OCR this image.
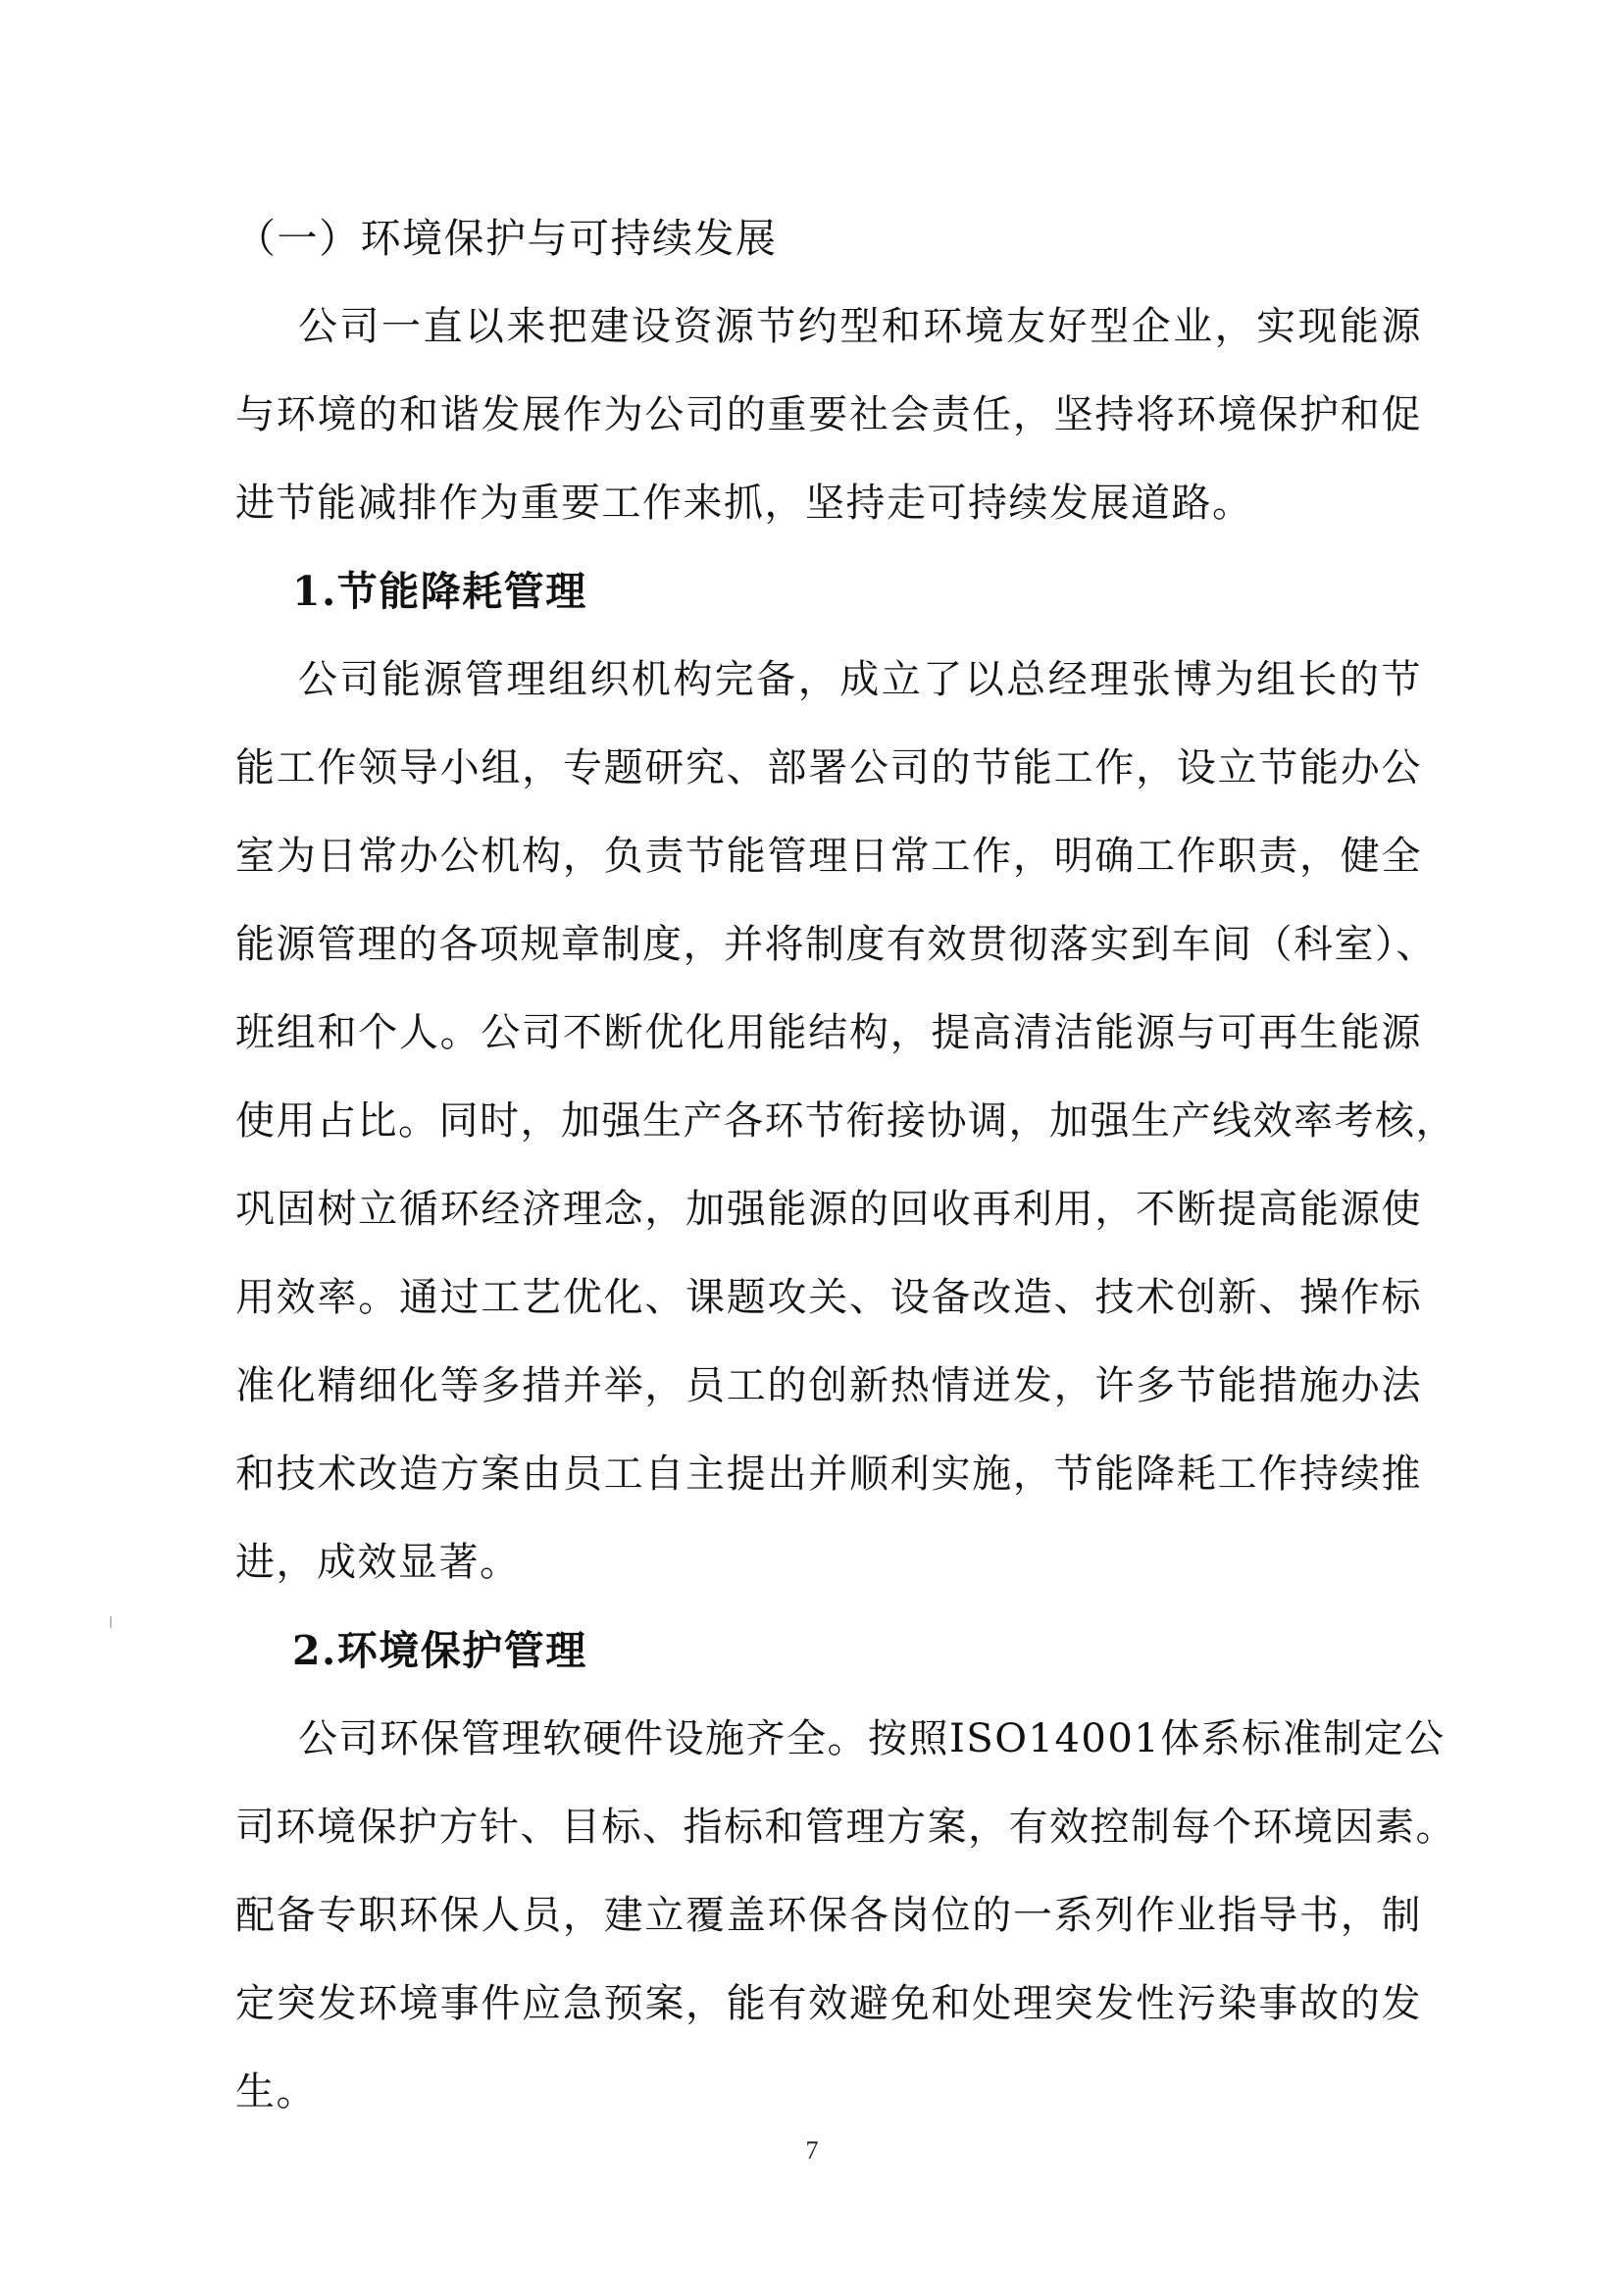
（一）环境保护与可持续发展
公司一直以来把建设资源节约型和环境友好型企业，实现能源
与环境的和谐发展作为公司的重要社会责任，坚持将环境保护和促
进节能减排作为重要工作来抓，坚持走可持续发展道路。
1.节能降耗管理
公司能源管理组织机构完备，成立了以总经理张博为组长的节
能工作领导小组，专题研究、部署公司的节能工作，设立节能办公
室为日常办公机构，负责节能管理日常工作，明确工作职责，健全
能源管理的各项规章制度，并将制度有效贯彻落实到车间（科室）、
班组和个人。公司不断优化用能结构，提高清洁能源与可再生能源
使用占比。同时，加强生产各环节衔接协调，加强生产线效率考核，
巩固树立循环经济理念，加强能源的回收再利用，不断提高能源使
用效率。通过工艺优化、课题攻关、设备改造、技术创新、操作标
准化精细化等多措并举，员工的创新热情迸发，许多节能措施办法
和技术改造方案由员工自主提出并顺利实施，节能降耗工作持续推
进，成效显著。
2.环境保护管理
公司环保管理软硬件设施齐全。按照ISO14001体系标准制定公
司环境保护方针、目标、指标和管理方案，有效控制每个环境因素。
配备专职环保人员，建立覆盖环保各岗位的一系列作业指导书，制
定突发环境事件应急预案，能有效避免和处理突发性污染事故的发
生。
7
